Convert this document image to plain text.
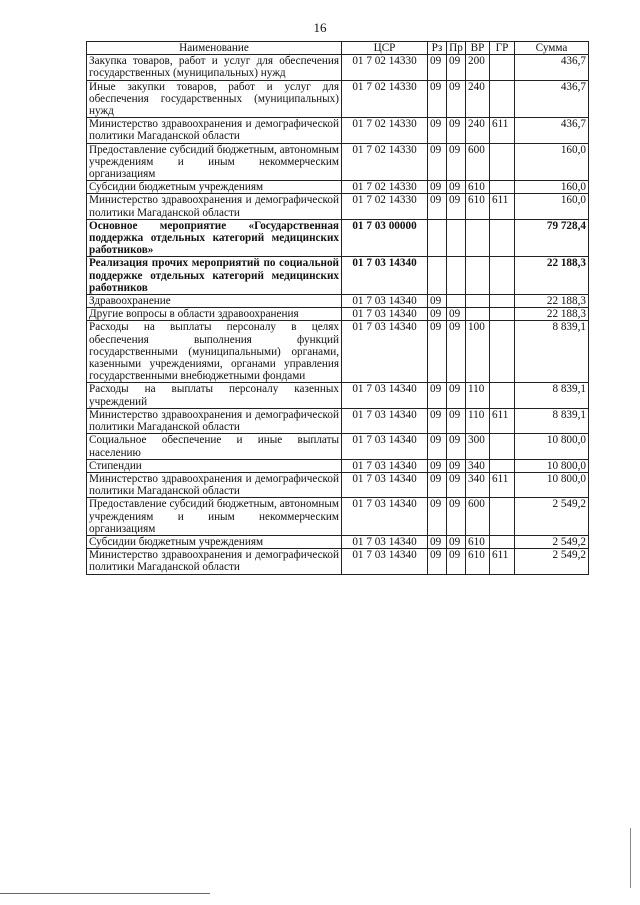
16
Наименование	ЦСР	Рз	Пр	ВР	ГР	Сумма
Закупка товаров, работ и услуг для обеспечения государственных (муниципальных) нужд	01 7 02 14330	09	09	200		436,7
Иные закупки товаров, работ и услуг для обеспечения государственных (муниципальных) нужд	01 7 02 14330	09	09	240		436,7
Министерство здравоохранения и демографической политики Магаданской области	01 7 02 14330	09	09	240	611	436,7
Предоставление субсидий бюджетным, автономным учреждениям и иным некоммерческим организациям	01 7 02 14330	09	09	600		160,0
Субсидии бюджетным учреждениям	01 7 02 14330	09	09	610		160,0
Министерство здравоохранения и демографической политики Магаданской области	01 7 02 14330	09	09	610	611	160,0
Основное мероприятие «Государственная поддержка отдельных категорий медицинских работников»	01 7 03 00000					79 728,4
Реализация прочих мероприятий по социальной поддержке отдельных категорий медицинских работников	01 7 03 14340					22 188,3
Здравоохранение	01 7 03 14340	09				22 188,3
Другие вопросы в области здравоохранения	01 7 03 14340	09	09			22 188,3
Расходы на выплаты персоналу в целях обеспечения выполнения функций государственными (муниципальными) органами, казенными учреждениями, органами управления государственными внебюджетными фондами	01 7 03 14340	09	09	100		8 839,1
Расходы на выплаты персоналу казенных учреждений	01 7 03 14340	09	09	110		8 839,1
Министерство здравоохранения и демографической политики Магаданской области	01 7 03 14340	09	09	110	611	8 839,1
Социальное обеспечение и иные выплаты населению	01 7 03 14340	09	09	300		10 800,0
Стипендии	01 7 03 14340	09	09	340		10 800,0
Министерство здравоохранения и демографической политики Магаданской области	01 7 03 14340	09	09	340	611	10 800,0
Предоставление субсидий бюджетным, автономным учреждениям и иным некоммерческим организациям	01 7 03 14340	09	09	600		2 549,2
Субсидии бюджетным учреждениям	01 7 03 14340	09	09	610		2 549,2
Министерство здравоохранения и демографической политики Магаданской области	01 7 03 14340	09	09	610	611	2 549,2
